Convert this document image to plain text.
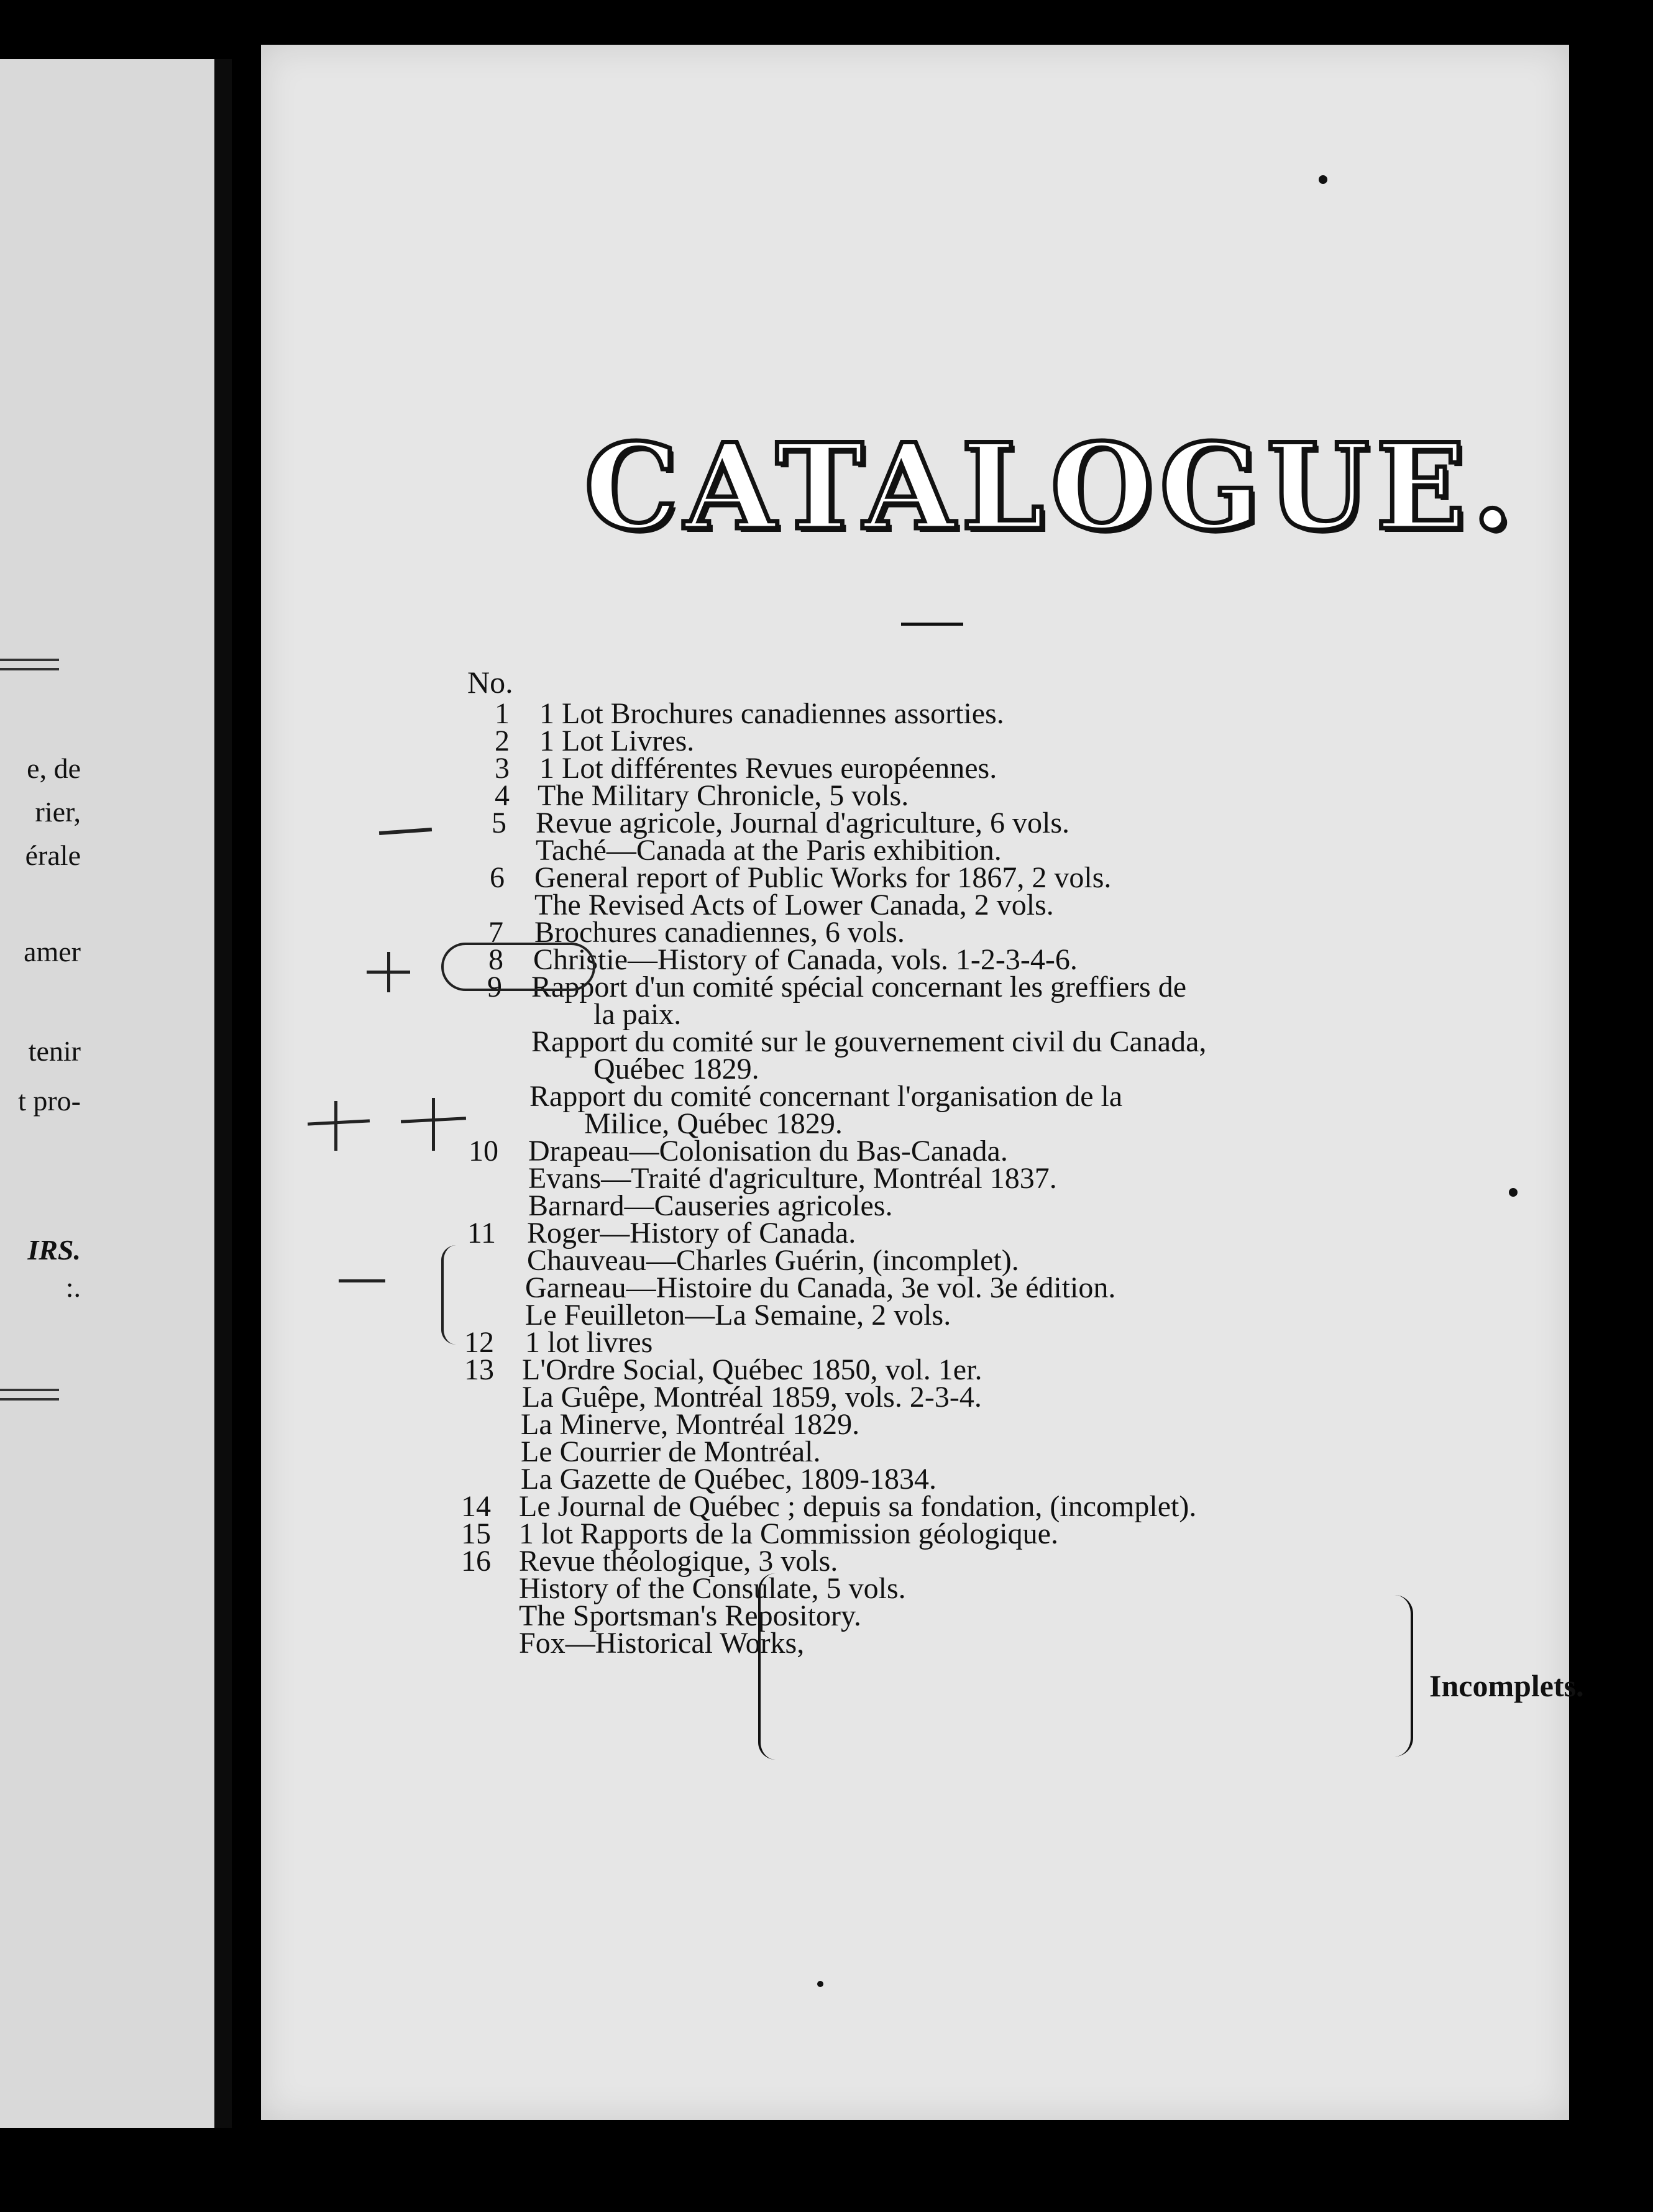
e, de
rier,
érale
amer
tenir
t pro-
IRS.
:.
CATALOGUE.
No.
1 1 Lot Brochures canadiennes assorties.
2 1 Lot Livres.
3 1 Lot différentes Revues européennes.
4 The Military Chronicle, 5 vols.
5 Revue agricole, Journal d'agriculture, 6 vols.
Taché—Canada at the Paris exhibition.
6 General report of Public Works for 1867, 2 vols.
The Revised Acts of Lower Canada, 2 vols.
7 Brochures canadiennes, 6 vols.
8 Christie—History of Canada, vols. 1-2-3-4-6.
9 Rapport d'un comité spécial concernant les greffiers de
la paix.
Rapport du comité sur le gouvernement civil du Canada,
Québec 1829.
Rapport du comité concernant l'organisation de la
Milice, Québec 1829.
10 Drapeau—Colonisation du Bas-Canada.
Evans—Traité d'agriculture, Montréal 1837.
Barnard—Causeries agricoles.
11 Roger—History of Canada.
Chauveau—Charles Guérin, (incomplet).
Garneau—Histoire du Canada, 3e vol. 3e édition.
Le Feuilleton—La Semaine, 2 vols.
12 1 lot livres
13 L'Ordre Social, Québec 1850, vol. 1er.
La Guêpe, Montréal 1859, vols. 2-3-4.
La Minerve, Montréal 1829.
Le Courrier de Montréal.
La Gazette de Québec, 1809-1834.
14 Le Journal de Québec ; depuis sa fondation, (incomplet).
15 1 lot Rapports de la Commission géologique.
16 Revue théologique, 3 vols.
History of the Consulate, 5 vols.
The Sportsman's Repository.
Fox—Historical Works,
Incomplets.
